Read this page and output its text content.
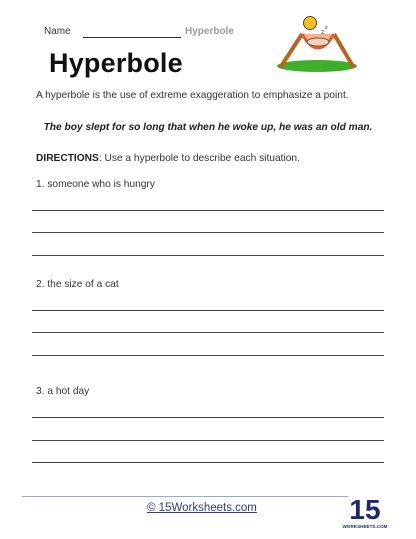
Name	Hyperbole	z
z
Hyperbole
A hyperbole is the use of extreme exaggeration to emphasize a point.
The boy slept for so long that when he woke up, he was an old man.
DIRECTIONS: Use a hyperbole to describe each situation.
1. someone who is hungry
2. the size of a cat
3. a hot day
© 15Worksheets.com	15
WORKSHEETS.COM
